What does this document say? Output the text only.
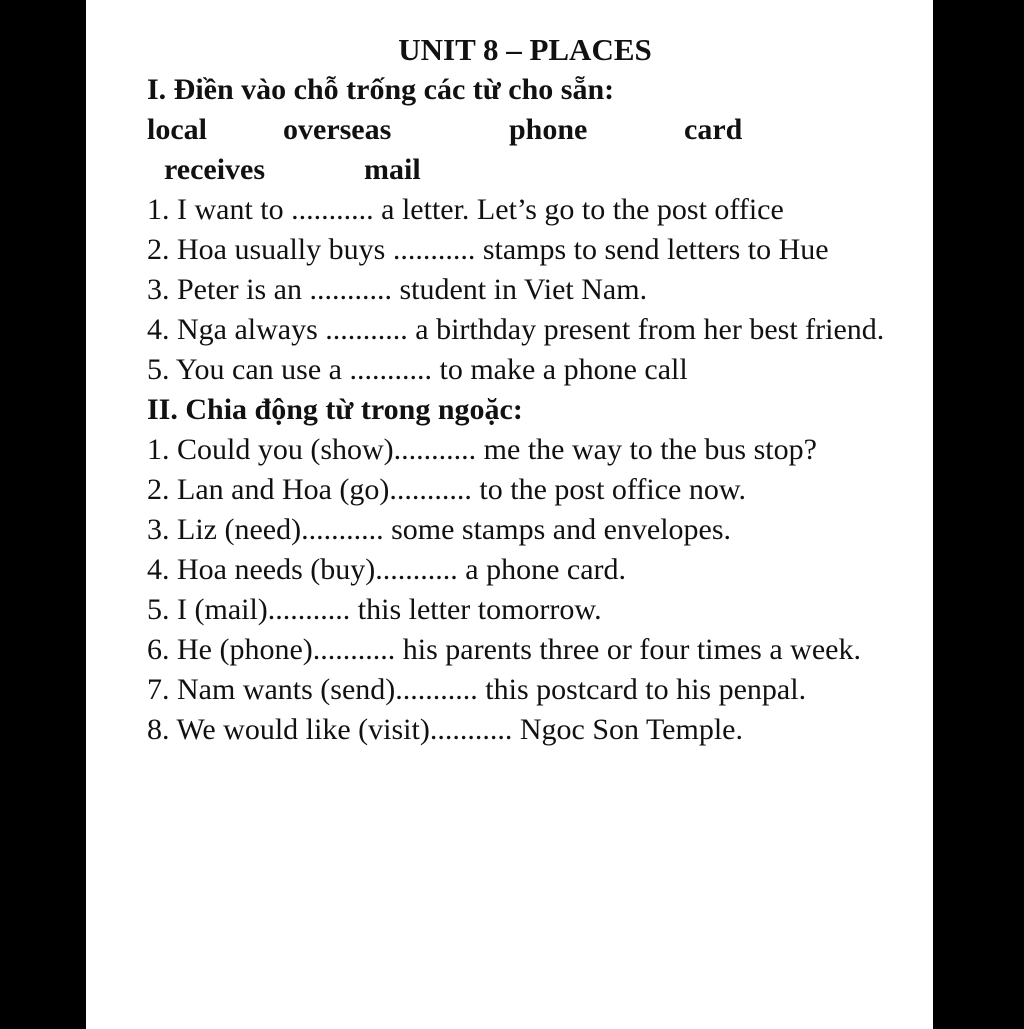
UNIT 8 – PLACES
I. Điền vào chỗ trống các từ cho sẵn:
local	overseas	phone	card
receives	mail
1. I want to ........... a letter. Let’s go to the post office
2. Hoa usually buys ........... stamps to send letters to Hue
3. Peter is an ........... student in Viet Nam.
4. Nga always ........... a birthday present from her best friend.
5. You can use a ........... to make a phone call
II. Chia động từ trong ngoặc:
1. Could you (show)........... me the way to the bus stop?
2. Lan and Hoa (go)........... to the post office now.
3. Liz (need)........... some stamps and envelopes.
4. Hoa needs (buy)........... a phone card.
5. I (mail)........... this letter tomorrow.
6. He (phone)........... his parents three or four times a week.
7. Nam wants (send)........... this postcard to his penpal.
8. We would like (visit)........... Ngoc Son Temple.
